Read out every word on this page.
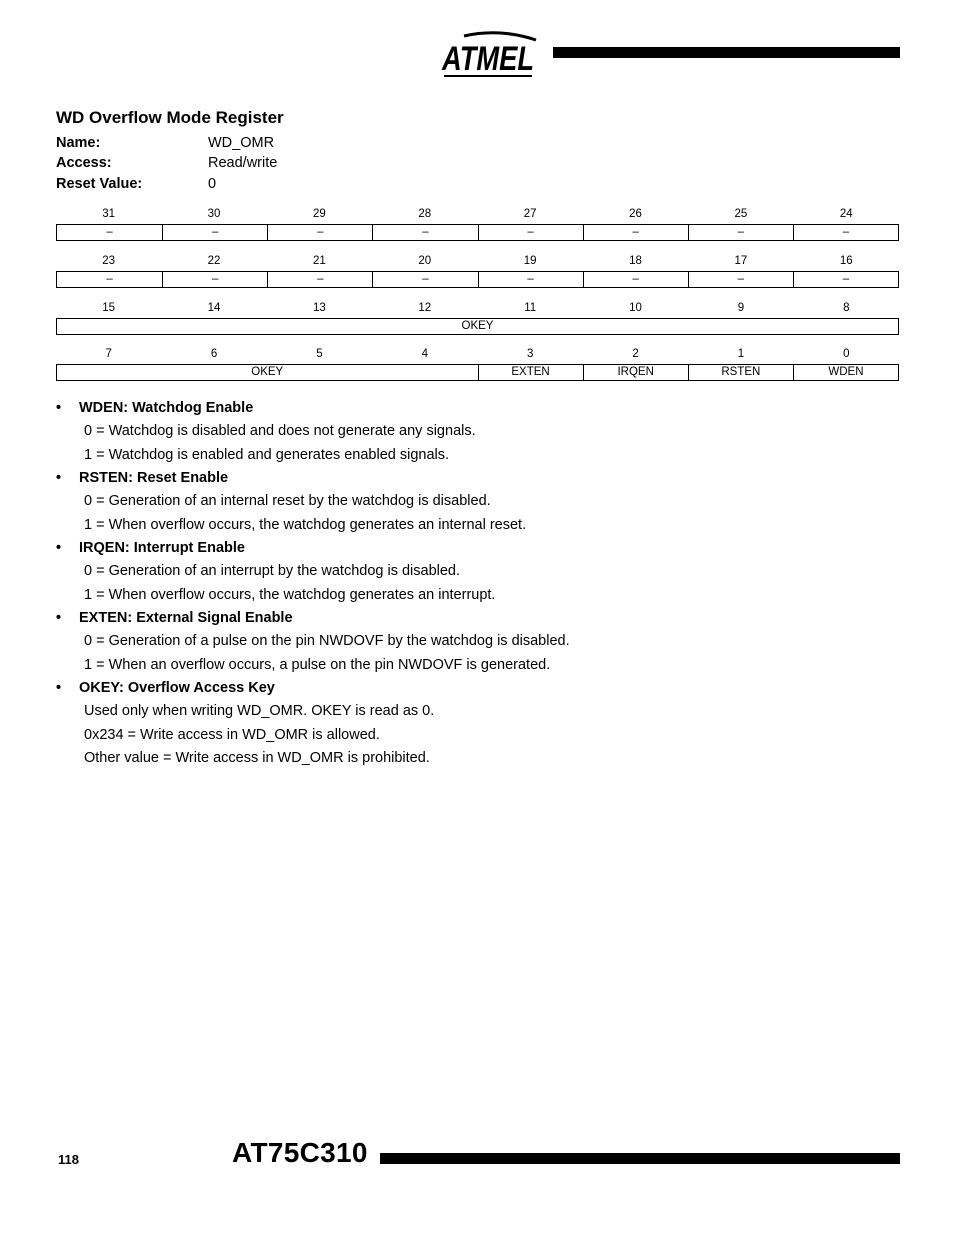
ATMEL
WD Overflow Mode Register
Name:	WD_OMR
Access:	Read/write
Reset Value:	0
31	30	29	28	27	26	25	24
–	–	–	–	–	–	–	–
23	22	21	20	19	18	17	16
–	–	–	–	–	–	–	–
15	14	13	12	11	10	9	8
OKEY
7	6	5	4	3	2	1	0
OKEY	EXTEN	IRQEN	RSTEN	WDEN
• WDEN: Watchdog Enable
0 = Watchdog is disabled and does not generate any signals.
1 = Watchdog is enabled and generates enabled signals.
• RSTEN: Reset Enable
0 = Generation of an internal reset by the watchdog is disabled.
1 = When overflow occurs, the watchdog generates an internal reset.
• IRQEN: Interrupt Enable
0 = Generation of an interrupt by the watchdog is disabled.
1 = When overflow occurs, the watchdog generates an interrupt.
• EXTEN: External Signal Enable
0 = Generation of a pulse on the pin NWDOVF by the watchdog is disabled.
1 = When an overflow occurs, a pulse on the pin NWDOVF is generated.
• OKEY: Overflow Access Key
Used only when writing WD_OMR. OKEY is read as 0.
0x234 = Write access in WD_OMR is allowed.
Other value = Write access in WD_OMR is prohibited.
118	AT75C310
